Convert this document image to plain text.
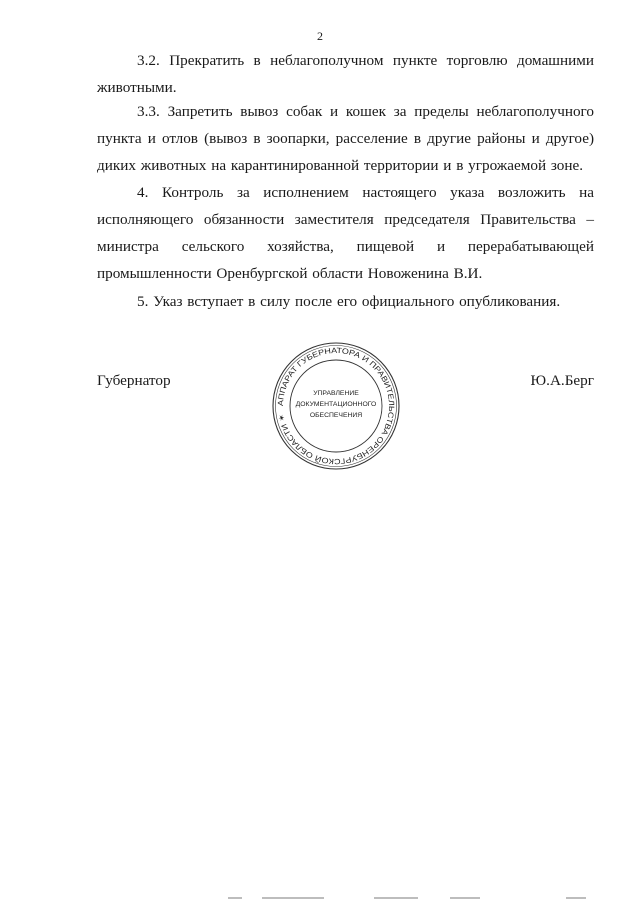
2

3.2. Прекратить в неблагополучном пункте торговлю домашними животными.

3.3. Запретить вывоз собак и кошек за пределы неблагополучного пункта и отлов (вывоз в зоопарки, расселение в другие районы и другое) диких животных на карантинированной территории и в угрожаемой зоне.

4. Контроль за исполнением настоящего указа возложить на исполняющего обязанности заместителя председателя Правительства – министра сельского хозяйства, пищевой и перерабатывающей промышленности Оренбургской области Новоженина В.И.

5. Указ вступает в силу после его официального опубликования.

Губернатор	Ю.А.Берг
АППАРАТ ГУБЕРНАТОРА И ПРАВИТЕЛЬСТВА ОРЕНБУРГСКОЙ ОБЛАСТИ ✶
УПРАВЛЕНИЕ
ДОКУМЕНТАЦИОННОГО
ОБЕСПЕЧЕНИЯ
